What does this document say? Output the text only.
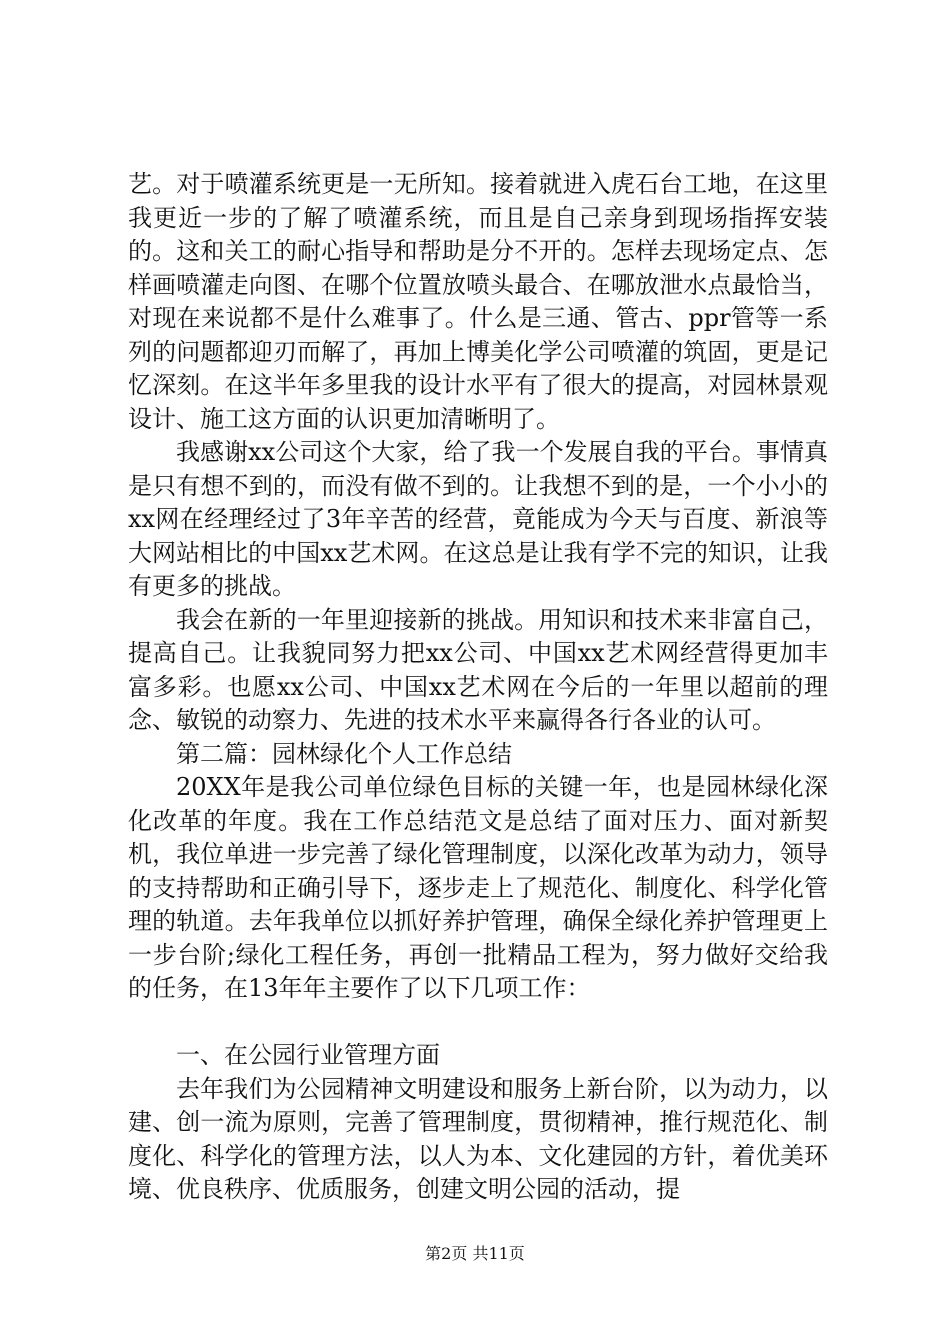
艺。对于喷灌系统更是一无所知。接着就进入虎石台工地，在这里我更近一步的了解了喷灌系统，而且是自己亲身到现场指挥安装的。这和关工的耐心指导和帮助是分不开的。怎样去现场定点、怎样画喷灌走向图、在哪个位置放喷头最合、在哪放泄水点最恰当，对现在来说都不是什么难事了。什么是三通、管古、ppr管等一系列的问题都迎刃而解了，再加上博美化学公司喷灌的筑固，更是记忆深刻。在这半年多里我的设计水平有了很大的提高，对园林景观设计、施工这方面的认识更加清晰明了。

我感谢xx公司这个大家，给了我一个发展自我的平台。事情真是只有想不到的，而没有做不到的。让我想不到的是，一个小小的xx网在经理经过了3年辛苦的经营，竟能成为今天与百度、新浪等大网站相比的中国xx艺术网。在这总是让我有学不完的知识，让我有更多的挑战。

我会在新的一年里迎接新的挑战。用知识和技术来非富自己，提高自己。让我貌同努力把xx公司、中国xx艺术网经营得更加丰富多彩。也愿xx公司、中国xx艺术网在今后的一年里以超前的理念、敏锐的动察力、先进的技术水平来赢得各行各业的认可。

第二篇：园林绿化个人工作总结

20XX年是我公司单位绿色目标的关键一年，也是园林绿化深化改革的年度。我在工作总结范文是总结了面对压力、面对新契机，我位单进一步完善了绿化管理制度，以深化改革为动力，领导的支持帮助和正确引导下，逐步走上了规范化、制度化、科学化管理的轨道。去年我单位以抓好养护管理，确保全绿化养护管理更上一步台阶;绿化工程任务，再创一批精品工程为，努力做好交给我的任务，在13年年主要作了以下几项工作：

一、在公园行业管理方面

去年我们为公园精神文明建设和服务上新台阶，以为动力，以建、创一流为原则，完善了管理制度，贯彻精神，推行规范化、制度化、科学化的管理方法，以人为本、文化建园的方针，着优美环境、优良秩序、优质服务，创建文明公园的活动，提

第2页 共11页
